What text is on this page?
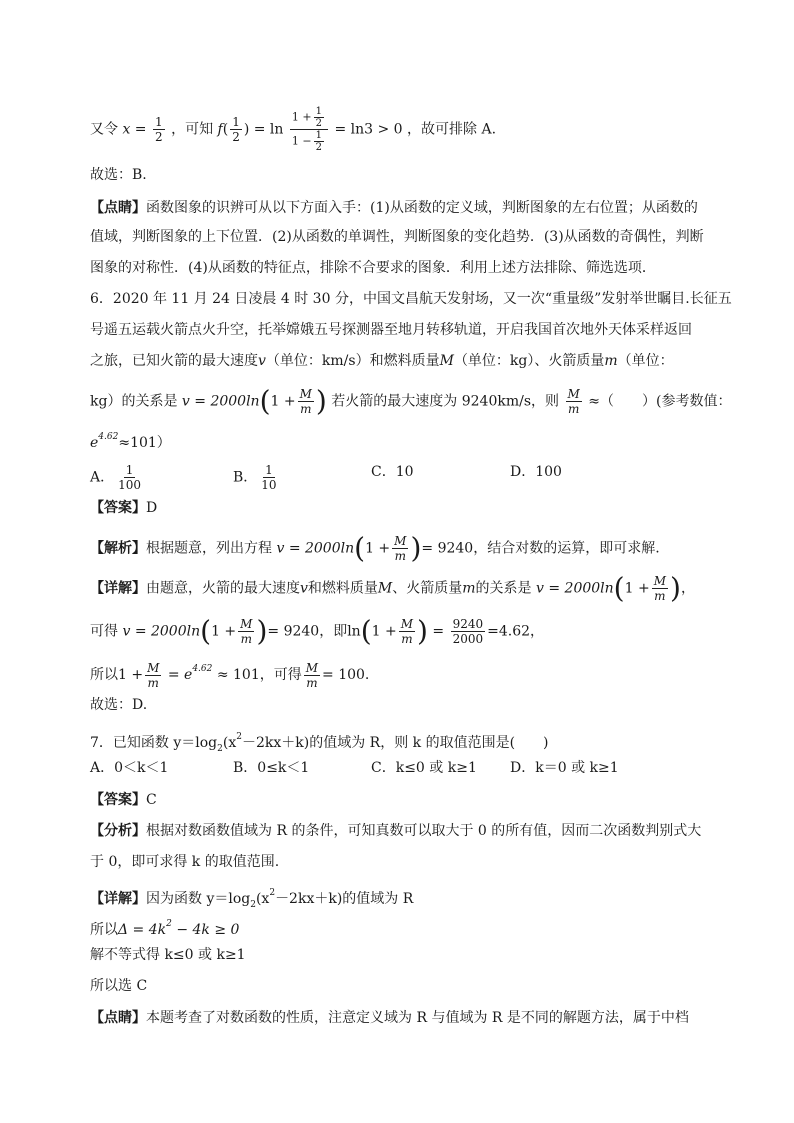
又令 $x = \frac{1}{2}$ ，可知 $f( \frac{1}{2}$ ) = $\ln \frac{1 + \frac{1}{2}}{1 - \frac{1}{2}} = \ln 3 > 0$ ，故可排除 A.
故选：B.
【点睛】函数图象的识辨可从以下方面入手：(1)从函数的定义域，判断图象的左右位置；从函数的
值域，判断图象的上下位置．(2)从函数的单调性，判断图象的变化趋势．(3)从函数的奇偶性，判断
图象的对称性．(4)从函数的特征点，排除不合要求的图象．利用上述方法排除、筛选选项．
6．2020 年 11 月 24 日凌晨 4 时 30 分，中国文昌航天发射场，又一次“重量级”发射举世瞩目.长征五
号遥五运载火箭点火升空，托举嫦娥五号探测器至地月转移轨道，开启我国首次地外天体采样返回
之旅，已知火箭的最大速度v（单位：km/s）和燃料质量M（单位：kg）、火箭质量m（单位：
kg）的关系是 $v = 2000\ln(1 + \frac{M}{m}$ ) 若火箭的最大速度为 9240km/s，则 $\frac{M}{m}$ ≈（　　）(参考数值：
$e^{4.62}\approx 101$）
A． $\frac{1}{100}$	B． $\frac{1}{10}$	C．10	D．100
【答案】D
【解析】根据题意，列出方程 $v = 2000\ln(1 + \frac{M}{m}$ )= 9240，结合对数的运算，即可求解.
【详解】由题意，火箭的最大速度v和燃料质量M、火箭质量m的关系是 $v = 2000\ln(1 + \frac{M}{m}$ )，
可得 $v = 2000\ln(1 + \frac{M}{m}$ )= 9240，即$\ln(1 + \frac{M}{m}$ ) = $\frac{9240}{2000} =4.62$，
所以$1 + \frac{M}{m} = e^{4.62} \approx 101$，可得 $\frac{M}{m} = 100$.
故选：D.
7．已知函数 $y=\log_2(x^2-2kx+k)$的值域为 R，则 k 的取值范围是(　　)
A．0＜k＜1	B．0≤k＜1	C．k≤0 或 k≥1 D．k＝0 或 k≥1
【答案】C
【分析】根据对数函数值域为 R 的条件，可知真数可以取大于 0 的所有值，因而二次函数判别式大
于 0，即可求得 k 的取值范围.
【详解】因为函数 $y=\log_2(x^2-2kx+k)$的值域为 R
所以$\Delta = 4k^2 - 4k \ge 0$
解不等式得 k≤0 或 k≥1
所以选 C
【点睛】本题考查了对数函数的性质，注意定义域为 R 与值域为 R 是不同的解题方法，属于中档
